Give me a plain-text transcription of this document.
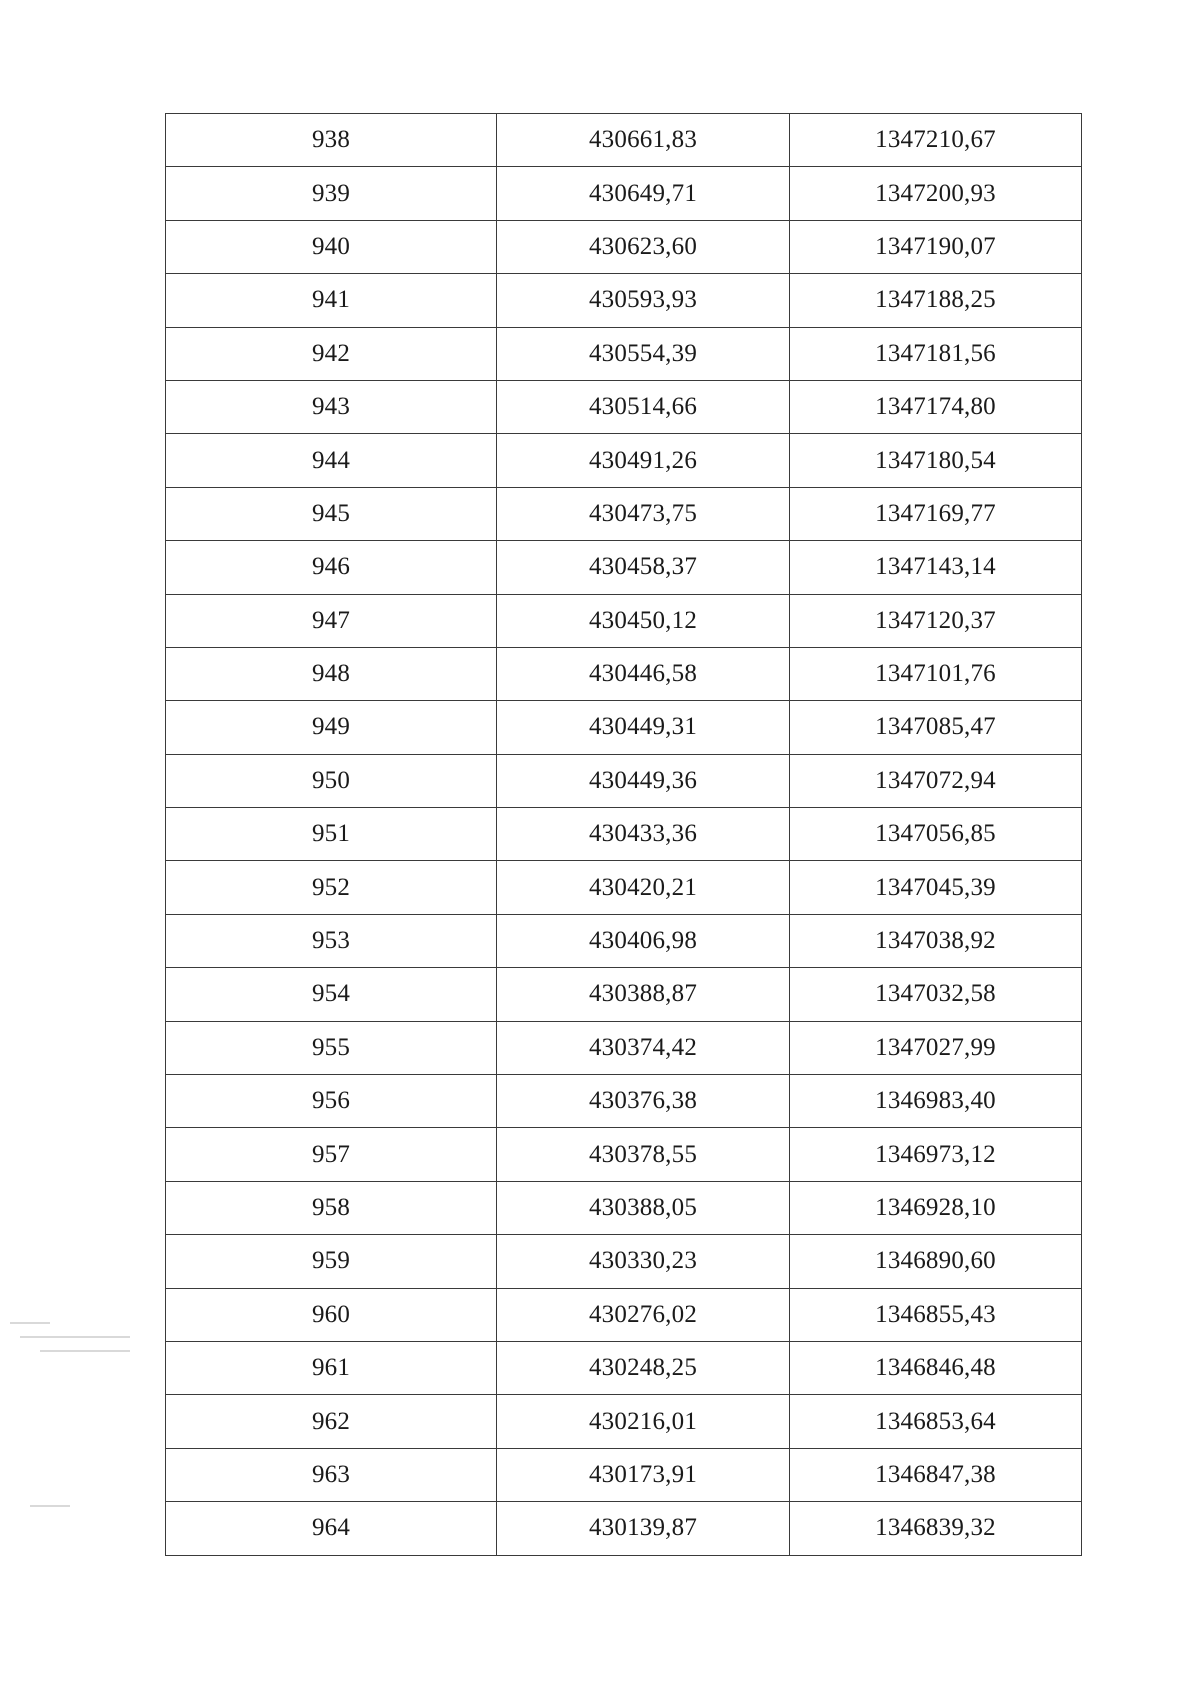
938	430661,83	1347210,67
939	430649,71	1347200,93
940	430623,60	1347190,07
941	430593,93	1347188,25
942	430554,39	1347181,56
943	430514,66	1347174,80
944	430491,26	1347180,54
945	430473,75	1347169,77
946	430458,37	1347143,14
947	430450,12	1347120,37
948	430446,58	1347101,76
949	430449,31	1347085,47
950	430449,36	1347072,94
951	430433,36	1347056,85
952	430420,21	1347045,39
953	430406,98	1347038,92
954	430388,87	1347032,58
955	430374,42	1347027,99
956	430376,38	1346983,40
957	430378,55	1346973,12
958	430388,05	1346928,10
959	430330,23	1346890,60
960	430276,02	1346855,43
961	430248,25	1346846,48
962	430216,01	1346853,64
963	430173,91	1346847,38
964	430139,87	1346839,32
